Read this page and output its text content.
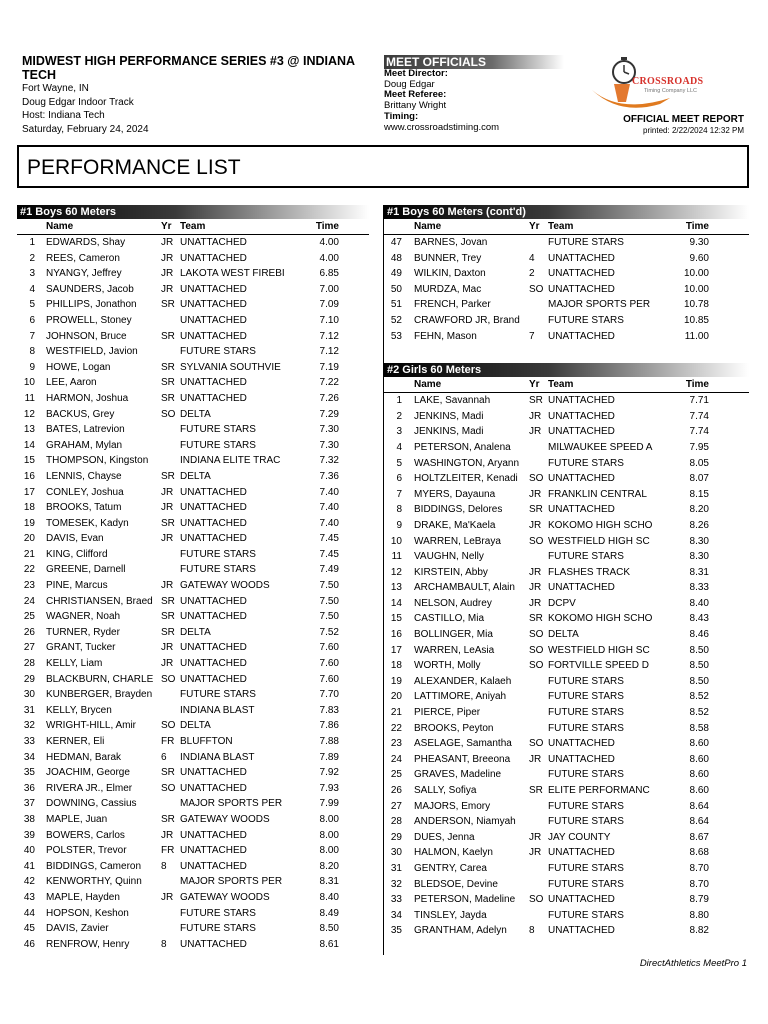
MIDWEST HIGH PERFORMANCE SERIES #3 @ INDIANA TECH
Fort Wayne, IN
Doug Edgar Indoor Track
Host: Indiana Tech
Saturday, February 24, 2024
MEET OFFICIALS
Meet Director:
Doug Edgar
Meet Referee:
Brittany Wright
Timing:
www.crossroadstiming.com
CROSSROADS
Timing Company LLC
OFFICIAL MEET REPORT
printed: 2/22/2024 12:32 PM
PERFORMANCE LIST
#1 Boys 60 Meters
Name	Yr Team	Time
1 EDWARDS, Shay	JR UNATTACHED	4.00
2 REES, Cameron	JR UNATTACHED	4.00
3 NYANGY, Jeffrey	JR LAKOTA WEST FIREBI	6.85
4 SAUNDERS, Jacob	JR UNATTACHED	7.00
5 PHILLIPS, Jonathon SR UNATTACHED	7.09
6 PROWELL, Stoney	UNATTACHED	7.10
7 JOHNSON, Bruce	SR UNATTACHED	7.12
8 WESTFIELD, Javion	FUTURE STARS	7.12
9 HOWE, Logan	SR SYLVANIA SOUTHVIE	7.19
10 LEE, Aaron	SR UNATTACHED	7.22
11 HARMON, Joshua	SR UNATTACHED	7.26
12 BACKUS, Grey	SO DELTA	7.29
13 BATES, Latrevion	FUTURE STARS	7.30
14 GRAHAM, Mylan	FUTURE STARS	7.30
15 THOMPSON, Kingston	INDIANA ELITE TRAC	7.32
16 LENNIS, Chayse	SR DELTA	7.36
17 CONLEY, Joshua	JR UNATTACHED	7.40
18 BROOKS, Tatum	JR UNATTACHED	7.40
19 TOMESEK, Kadyn	SR UNATTACHED	7.40
20 DAVIS, Evan	JR UNATTACHED	7.45
21 KING, Clifford	FUTURE STARS	7.45
22 GREENE, Darnell	FUTURE STARS	7.49
23 PINE, Marcus	JR GATEWAY WOODS	7.50
24 CHRISTIANSEN, Braed SR UNATTACHED	7.50
25 WAGNER, Noah	SR UNATTACHED	7.50
26 TURNER, Ryder	SR DELTA	7.52
27 GRANT, Tucker	JR UNATTACHED	7.60
28 KELLY, Liam	JR UNATTACHED	7.60
29 BLACKBURN, CHARLE SO UNATTACHED	7.60
30 KUNBERGER, Brayden	FUTURE STARS	7.70
31 KELLY, Brycen	INDIANA BLAST	7.83
32 WRIGHT-HILL, Amir SO DELTA	7.86
33 KERNER, Eli	FR BLUFFTON	7.88
34 HEDMAN, Barak	6 INDIANA BLAST	7.89
35 JOACHIM, George	SR UNATTACHED	7.92
36 RIVERA JR., Elmer	SO UNATTACHED	7.93
37 DOWNING, Cassius	MAJOR SPORTS PER	7.99
38 MAPLE, Juan	SR GATEWAY WOODS	8.00
39 BOWERS, Carlos	JR UNATTACHED	8.00
40 POLSTER, Trevor	FR UNATTACHED	8.00
41 BIDDINGS, Cameron 8 UNATTACHED	8.20
42 KENWORTHY, Quinn	MAJOR SPORTS PER	8.31
43 MAPLE, Hayden	JR GATEWAY WOODS	8.40
44 HOPSON, Keshon	FUTURE STARS	8.49
45 DAVIS, Zavier	FUTURE STARS	8.50
46 RENFROW, Henry	8 UNATTACHED	8.61
#1 Boys 60 Meters (cont'd)
Name	Yr Team	Time
47 BARNES, Jovan	FUTURE STARS	9.30
48 BUNNER, Trey	4 UNATTACHED	9.60
49 WILKIN, Daxton	2 UNATTACHED	10.00
50 MURDZA, Mac	SO UNATTACHED	10.00
51 FRENCH, Parker	MAJOR SPORTS PER	10.78
52 CRAWFORD JR, Brand	FUTURE STARS	10.85
53 FEHN, Mason	7 UNATTACHED	11.00
#2 Girls 60 Meters
Name	Yr Team	Time
1 LAKE, Savannah	SR UNATTACHED	7.71
2 JENKINS, Madi	JR UNATTACHED	7.74
3 JENKINS, Madi	JR UNATTACHED	7.74
4 PETERSON, Analena	MILWAUKEE SPEED A	7.95
5 WASHINGTON, Aryann	FUTURE STARS	8.05
6 HOLTZLEITER, Kenadi SO UNATTACHED	8.07
7 MYERS, Dayauna	JR FRANKLIN CENTRAL	8.15
8 BIDDINGS, Delores	SR UNATTACHED	8.20
9 DRAKE, Ma'Kaela	JR KOKOMO HIGH SCHO	8.26
10 WARREN, LeBraya	SO WESTFIELD HIGH SC	8.30
11 VAUGHN, Nelly	FUTURE STARS	8.30
12 KIRSTEIN, Abby	JR FLASHES TRACK	8.31
13 ARCHAMBAULT, Alain JR UNATTACHED	8.33
14 NELSON, Audrey	JR DCPV	8.40
15 CASTILLO, Mia	SR KOKOMO HIGH SCHO	8.43
16 BOLLINGER, Mia	SO DELTA	8.46
17 WARREN, LeAsia	SO WESTFIELD HIGH SC	8.50
18 WORTH, Molly	SO FORTVILLE SPEED D	8.50
19 ALEXANDER, Kalaeh	FUTURE STARS	8.50
20 LATTIMORE, Aniyah	FUTURE STARS	8.52
21 PIERCE, Piper	FUTURE STARS	8.52
22 BROOKS, Peyton	FUTURE STARS	8.58
23 ASELAGE, Samantha SO UNATTACHED	8.60
24 PHEASANT, Breeona JR UNATTACHED	8.60
25 GRAVES, Madeline	FUTURE STARS	8.60
26 SALLY, Sofiya	SR ELITE PERFORMANC	8.60
27 MAJORS, Emory	FUTURE STARS	8.64
28 ANDERSON, Niamyah	FUTURE STARS	8.64
29 DUES, Jenna	JR JAY COUNTY	8.67
30 HALMON, Kaelyn	JR UNATTACHED	8.68
31 GENTRY, Carea	FUTURE STARS	8.70
32 BLEDSOE, Devine	FUTURE STARS	8.70
33 PETERSON, Madeline SO UNATTACHED	8.79
34 TINSLEY, Jayda	FUTURE STARS	8.80
35 GRANTHAM, Adelyn 8 UNATTACHED	8.82
DirectAthletics MeetPro 1
